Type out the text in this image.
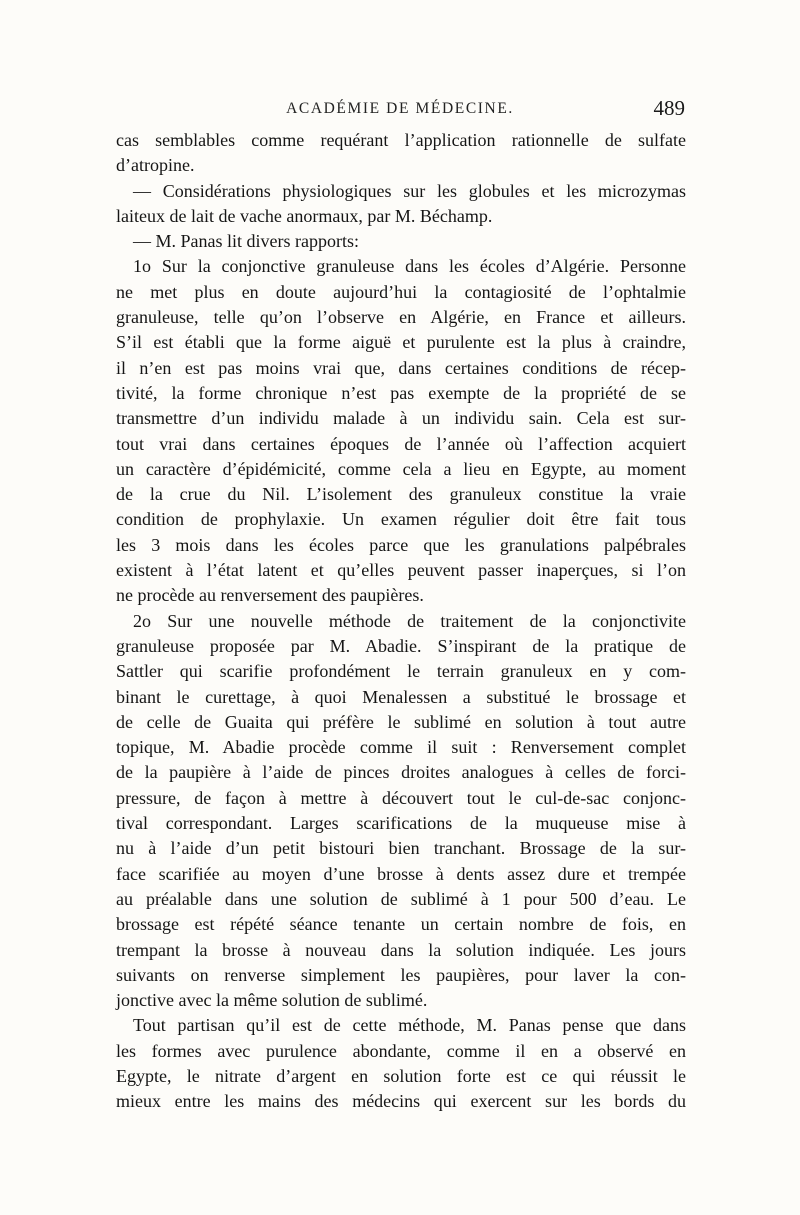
ACADÉMIE DE MÉDECINE.	489
cas semblables comme requérant l’application rationnelle de sulfate
d’atropine.
— Considérations physiologiques sur les globules et les microzymas
laiteux de lait de vache anormaux, par M. Béchamp.
— M. Panas lit divers rapports:
1o Sur la conjonctive granuleuse dans les écoles d’Algérie. Personne
ne met plus en doute aujourd’hui la contagiosité de l’ophtalmie
granuleuse, telle qu’on l’observe en Algérie, en France et ailleurs.
S’il est établi que la forme aiguë et purulente est la plus à craindre,
il n’en est pas moins vrai que, dans certaines conditions de récep-
tivité, la forme chronique n’est pas exempte de la propriété de se
transmettre d’un individu malade à un individu sain. Cela est sur-
tout vrai dans certaines époques de l’année où l’affection acquiert
un caractère d’épidémicité, comme cela a lieu en Egypte, au moment
de la crue du Nil. L’isolement des granuleux constitue la vraie
condition de prophylaxie. Un examen régulier doit être fait tous
les 3 mois dans les écoles parce que les granulations palpébrales
existent à l’état latent et qu’elles peuvent passer inaperçues, si l’on
ne procède au renversement des paupières.
2o Sur une nouvelle méthode de traitement de la conjonctivite
granuleuse proposée par M. Abadie. S’inspirant de la pratique de
Sattler qui scarifie profondément le terrain granuleux en y com-
binant le curettage, à quoi Menalessen a substitué le brossage et
de celle de Guaita qui préfère le sublimé en solution à tout autre
topique, M. Abadie procède comme il suit : Renversement complet
de la paupière à l’aide de pinces droites analogues à celles de forci-
pressure, de façon à mettre à découvert tout le cul-de-sac conjonc-
tival correspondant. Larges scarifications de la muqueuse mise à
nu à l’aide d’un petit bistouri bien tranchant. Brossage de la sur-
face scarifiée au moyen d’une brosse à dents assez dure et trempée
au préalable dans une solution de sublimé à 1 pour 500 d’eau. Le
brossage est répété séance tenante un certain nombre de fois, en
trempant la brosse à nouveau dans la solution indiquée. Les jours
suivants on renverse simplement les paupières, pour laver la con-
jonctive avec la même solution de sublimé.
Tout partisan qu’il est de cette méthode, M. Panas pense que dans
les formes avec purulence abondante, comme il en a observé en
Egypte, le nitrate d’argent en solution forte est ce qui réussit le
mieux entre les mains des médecins qui exercent sur les bords du
